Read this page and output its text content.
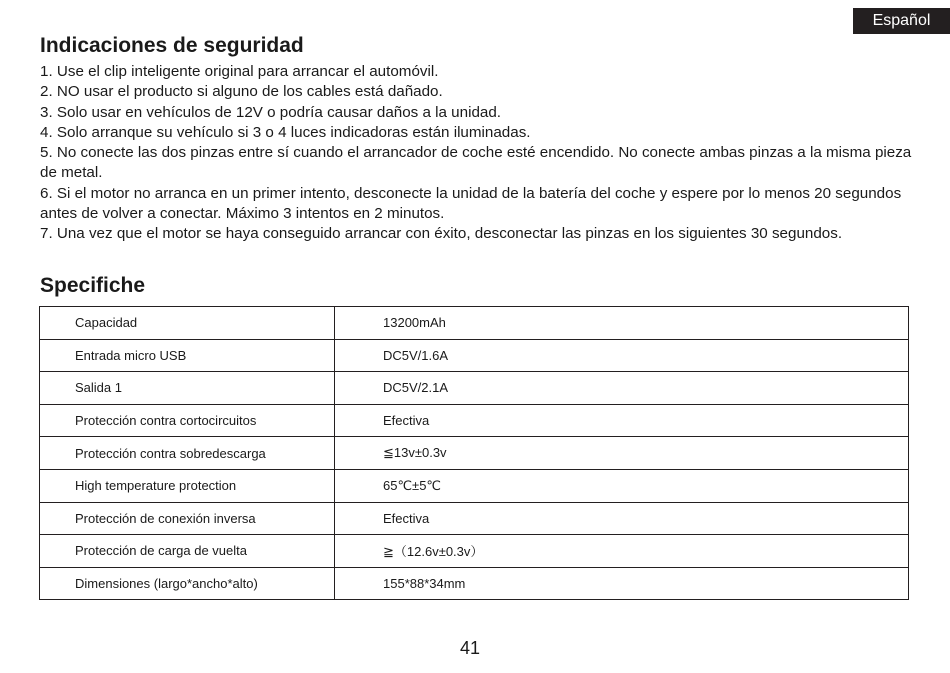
Español
Indicaciones de seguridad
1. Use el clip inteligente original para arrancar el automóvil.
2. NO usar el producto si alguno de los cables está dañado.
3. Solo usar en vehículos de 12V o podría causar daños a la unidad.
4. Solo arranque su vehículo si 3 o 4 luces indicadoras están iluminadas.
5. No conecte las dos pinzas entre sí cuando el arrancador de coche esté encendido. No conecte ambas pinzas a la misma pieza de metal.
6. Si el motor no arranca en un primer intento, desconecte la unidad de la batería del coche y espere por lo menos 20 segundos antes de volver a conectar. Máximo 3 intentos en 2 minutos.
7. Una vez que el motor se haya conseguido arrancar con éxito, desconectar las pinzas en los siguientes 30 segundos.
Specifiche
Capacidad	13200mAh
Entrada micro USB	DC5V/1.6A
Salida 1	DC5V/2.1A
Protección contra cortocircuitos	Efectiva
Protección contra sobredescarga	≦13v±0.3v
High temperature protection	65℃±5℃
Protección de conexión inversa	Efectiva
Protección de carga de vuelta	≧（12.6v±0.3v）
Dimensiones (largo*ancho*alto)	155*88*34mm
41
